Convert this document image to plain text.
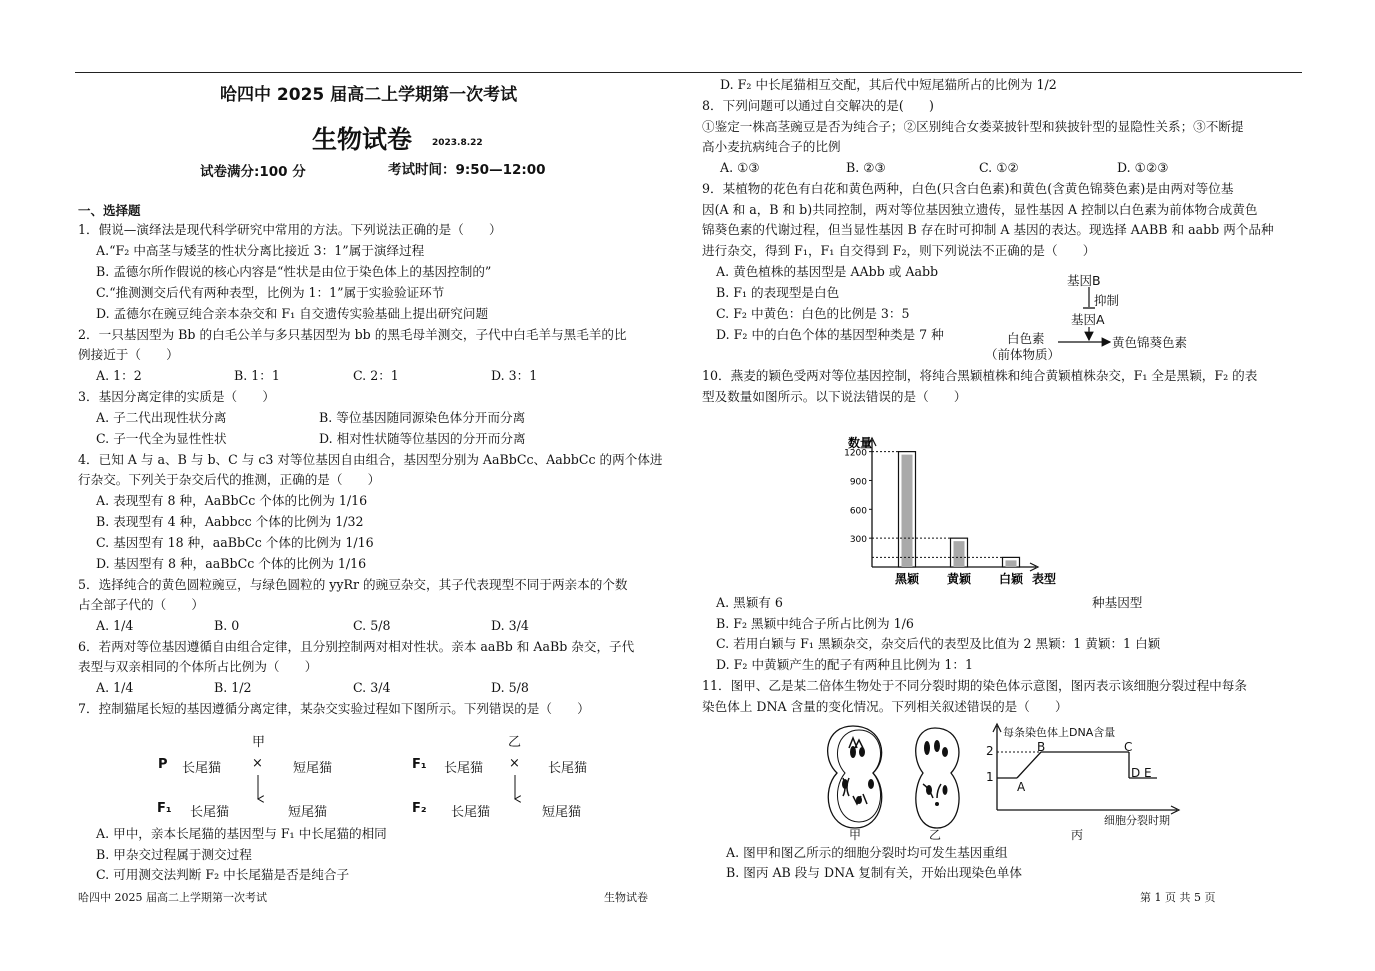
哈四中 2025 届高二上学期第一次考试
生物试卷 2023.8.22
试卷满分:100 分	考试时间：9:50—12:00
一、选择题
1．假说—演绎法是现代科学研究中常用的方法。下列说法正确的是（　　）
A.“F₂ 中高茎与矮茎的性状分离比接近 3：1”属于演绎过程
B. 孟德尔所作假说的核心内容是“性状是由位于染色体上的基因控制的”
C.“推测测交后代有两种表型，比例为 1：1”属于实验验证环节
D. 孟德尔在豌豆纯合亲本杂交和 F₁ 自交遗传实验基础上提出研究问题
2．一只基因型为 Bb 的白毛公羊与多只基因型为 bb 的黑毛母羊测交，子代中白毛羊与黑毛羊的比
例接近于（　　）
A. 1：2	B. 1：1	C. 2：1	D. 3：1
3．基因分离定律的实质是（　　）
A. 子二代出现性状分离	B. 等位基因随同源染色体分开而分离
C. 子一代全为显性性状	D. 相对性状随等位基因的分开而分离
4．已知 A 与 a、B 与 b、C 与 c3 对等位基因自由组合，基因型分别为 AaBbCc、AabbCc 的两个体进
行杂交。下列关于杂交后代的推测，正确的是（　　）
A. 表现型有 8 种，AaBbCc 个体的比例为 1/16
B. 表现型有 4 种，Aabbcc 个体的比例为 1/32
C. 基因型有 18 种，aaBbCc 个体的比例为 1/16
D. 基因型有 8 种，aaBbCc 个体的比例为 1/16
5．选择纯合的黄色圆粒豌豆，与绿色圆粒的 yyRr 的豌豆杂交，其子代表现型不同于两亲本的个数
占全部子代的（　　）
A. 1/4	B. 0	C. 5/8	D. 3/4
6．若两对等位基因遵循自由组合定律，且分别控制两对相对性状。亲本 aaBb 和 AaBb 杂交，子代
表型与双亲相同的个体所占比例为（　　）
A. 1/4	B. 1/2	C. 3/4	D. 5/8
7．控制猫尾长短的基因遵循分离定律，某杂交实验过程如下图所示。下列错误的是（　　）
甲	乙
P 长尾猫 × 短尾猫
F₁ 长尾猫	短尾猫
F₁ 长尾猫 × 长尾猫
F₂ 长尾猫	短尾猫
A. 甲中，亲本长尾猫的基因型与 F₁ 中长尾猫的相同
B. 甲杂交过程属于测交过程
C. 可用测交法判断 F₂ 中长尾猫是否是纯合子
D. F₂ 中长尾猫相互交配，其后代中短尾猫所占的比例为 1/2
8．下列问题可以通过自交解决的是(　　)
①鉴定一株高茎豌豆是否为纯合子；②区别纯合女娄菜披针型和狭披针型的显隐性关系；③不断提
高小麦抗病纯合子的比例
A. ①③	B. ②③	C. ①②	D. ①②③
9．某植物的花色有白花和黄色两种，白色(只含白色素)和黄色(含黄色锦葵色素)是由两对等位基
因(A 和 a，B 和 b)共同控制，两对等位基因独立遗传，显性基因 A 控制以白色素为前体物合成黄色
锦葵色素的代谢过程，但当显性基因 B 存在时可抑制 A 基因的表达。现选择 AABB 和 aabb 两个品种
进行杂交，得到 F₁，F₁ 自交得到 F₂，则下列说法不正确的是（　　）
A. 黄色植株的基因型是 AAbb 或 Aabb
B. F₁ 的表现型是白色
C. F₂ 中黄色：白色的比例是 3：5
D. F₂ 中的白色个体的基因型种类是 7 种
基因B
抑制
基因A
白色素
（前体物质）
黄色锦葵色素
10．燕麦的颖色受两对等位基因控制，将纯合黑颖植株和纯合黄颖植株杂交，F₁ 全是黑颖，F₂ 的表
型及数量如图所示。以下说法错误的是（　　）
数量
300
600
900
1200
黑颖 黄颖 白颖 表型
A. 黑颖有 6	种基因型
B. F₂ 黑颖中纯合子所占比例为 1/6
C. 若用白颖与 F₁ 黑颖杂交，杂交后代的表型及比值为 2 黑颖：1 黄颖：1 白颖
D. F₂ 中黄颖产生的配子有两种且比例为 1：1
11．图甲、乙是某二倍体生物处于不同分裂时期的染色体示意图，图丙表示该细胞分裂过程中每条
染色体上 DNA 含量的变化情况。下列相关叙述错误的是（　　）
每条染色体上DNA含量
2
1
A
B	C
D E
细胞分裂时期
甲	乙	丙
A. 图甲和图乙所示的细胞分裂时均可发生基因重组
B. 图丙 AB 段与 DNA 复制有关，开始出现染色单体
哈四中 2025 届高二上学期第一次考试	生物试卷	第 1 页 共 5 页
